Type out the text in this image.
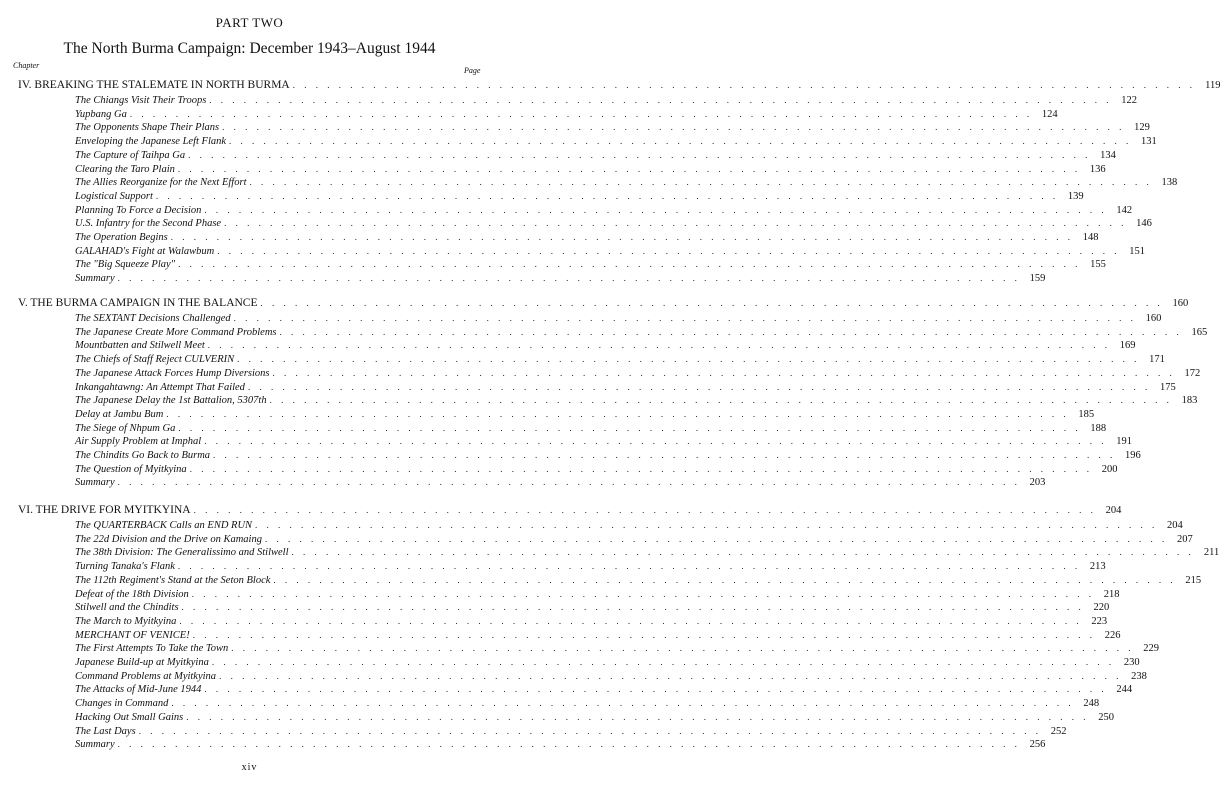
PART TWO
The North Burma Campaign: December 1943–August 1944
Chapter
Page
IV. BREAKING THE STALEMATE IN NORTH BURMA . . . . . . . . . . . . . . . . . . . . . . . . . . . . . . . . . . . . . . . . . . . . . . . . . . . . . . . . . . . . . . . . . . . . . . . . . . . . . . . 119
The Chiangs Visit Their Troops . . . . . . . . . . . . . . . . . . . . . . . . . . . . . . . . . . . . . . . . . . . . . . . . . . . . . . . . . . . . . . . . . . . . . . . . . . . . . . . 122
Yupbang Ga . . . . . . . . . . . . . . . . . . . . . . . . . . . . . . . . . . . . . . . . . . . . . . . . . . . . . . . . . . . . . . . . . . . . . . . . . . . . . . . 124
The Opponents Shape Their Plans . . . . . . . . . . . . . . . . . . . . . . . . . . . . . . . . . . . . . . . . . . . . . . . . . . . . . . . . . . . . . . . . . . . . . . . . . . . . . . . 129
Enveloping the Japanese Left Flank . . . . . . . . . . . . . . . . . . . . . . . . . . . . . . . . . . . . . . . . . . . . . . . . . . . . . . . . . . . . . . . . . . . . . . . . . . . . . . . 131
The Capture of Taihpa Ga . . . . . . . . . . . . . . . . . . . . . . . . . . . . . . . . . . . . . . . . . . . . . . . . . . . . . . . . . . . . . . . . . . . . . . . . . . . . . . . 134
Clearing the Taro Plain . . . . . . . . . . . . . . . . . . . . . . . . . . . . . . . . . . . . . . . . . . . . . . . . . . . . . . . . . . . . . . . . . . . . . . . . . . . . . . . 136
The Allies Reorganize for the Next Effort . . . . . . . . . . . . . . . . . . . . . . . . . . . . . . . . . . . . . . . . . . . . . . . . . . . . . . . . . . . . . . . . . . . . . . . . . . . . . . . 138
Logistical Support . . . . . . . . . . . . . . . . . . . . . . . . . . . . . . . . . . . . . . . . . . . . . . . . . . . . . . . . . . . . . . . . . . . . . . . . . . . . . . . 139
Planning To Force a Decision . . . . . . . . . . . . . . . . . . . . . . . . . . . . . . . . . . . . . . . . . . . . . . . . . . . . . . . . . . . . . . . . . . . . . . . . . . . . . . . 142
U.S. Infantry for the Second Phase . . . . . . . . . . . . . . . . . . . . . . . . . . . . . . . . . . . . . . . . . . . . . . . . . . . . . . . . . . . . . . . . . . . . . . . . . . . . . . . 146
The Operation Begins . . . . . . . . . . . . . . . . . . . . . . . . . . . . . . . . . . . . . . . . . . . . . . . . . . . . . . . . . . . . . . . . . . . . . . . . . . . . . . . 148
GALAHAD's Fight at Walawbum . . . . . . . . . . . . . . . . . . . . . . . . . . . . . . . . . . . . . . . . . . . . . . . . . . . . . . . . . . . . . . . . . . . . . . . . . . . . . . . 151
The "Big Squeeze Play" . . . . . . . . . . . . . . . . . . . . . . . . . . . . . . . . . . . . . . . . . . . . . . . . . . . . . . . . . . . . . . . . . . . . . . . . . . . . . . . 155
Summary . . . . . . . . . . . . . . . . . . . . . . . . . . . . . . . . . . . . . . . . . . . . . . . . . . . . . . . . . . . . . . . . . . . . . . . . . . . . . . . 159
V. THE BURMA CAMPAIGN IN THE BALANCE . . . . . . . . . . . . . . . . . . . . . . . . . . . . . . . . . . . . . . . . . . . . . . . . . . . . . . . . . . . . . . . . . . . . . . . . . . . . . . . 160
The SEXTANT Decisions Challenged . . . . . . . . . . . . . . . . . . . . . . . . . . . . . . . . . . . . . . . . . . . . . . . . . . . . . . . . . . . . . . . . . . . . . . . . . . . . . . . 160
The Japanese Create More Command Problems . . . . . . . . . . . . . . . . . . . . . . . . . . . . . . . . . . . . . . . . . . . . . . . . . . . . . . . . . . . . . . . . . . . . . . . . . . . . . . . 165
Mountbatten and Stilwell Meet . . . . . . . . . . . . . . . . . . . . . . . . . . . . . . . . . . . . . . . . . . . . . . . . . . . . . . . . . . . . . . . . . . . . . . . . . . . . . . . 169
The Chiefs of Staff Reject CULVERIN . . . . . . . . . . . . . . . . . . . . . . . . . . . . . . . . . . . . . . . . . . . . . . . . . . . . . . . . . . . . . . . . . . . . . . . . . . . . . . . 171
The Japanese Attack Forces Hump Diversions . . . . . . . . . . . . . . . . . . . . . . . . . . . . . . . . . . . . . . . . . . . . . . . . . . . . . . . . . . . . . . . . . . . . . . . . . . . . . . . 172
Inkangahtawng: An Attempt That Failed . . . . . . . . . . . . . . . . . . . . . . . . . . . . . . . . . . . . . . . . . . . . . . . . . . . . . . . . . . . . . . . . . . . . . . . . . . . . . . . 175
The Japanese Delay the 1st Battalion, 5307th . . . . . . . . . . . . . . . . . . . . . . . . . . . . . . . . . . . . . . . . . . . . . . . . . . . . . . . . . . . . . . . . . . . . . . . . . . . . . . . 183
Delay at Jambu Bum . . . . . . . . . . . . . . . . . . . . . . . . . . . . . . . . . . . . . . . . . . . . . . . . . . . . . . . . . . . . . . . . . . . . . . . . . . . . . . . 185
The Siege of Nhpum Ga . . . . . . . . . . . . . . . . . . . . . . . . . . . . . . . . . . . . . . . . . . . . . . . . . . . . . . . . . . . . . . . . . . . . . . . . . . . . . . . 188
Air Supply Problem at Imphal . . . . . . . . . . . . . . . . . . . . . . . . . . . . . . . . . . . . . . . . . . . . . . . . . . . . . . . . . . . . . . . . . . . . . . . . . . . . . . . 191
The Chindits Go Back to Burma . . . . . . . . . . . . . . . . . . . . . . . . . . . . . . . . . . . . . . . . . . . . . . . . . . . . . . . . . . . . . . . . . . . . . . . . . . . . . . . 196
The Question of Myitkyina . . . . . . . . . . . . . . . . . . . . . . . . . . . . . . . . . . . . . . . . . . . . . . . . . . . . . . . . . . . . . . . . . . . . . . . . . . . . . . . 200
Summary . . . . . . . . . . . . . . . . . . . . . . . . . . . . . . . . . . . . . . . . . . . . . . . . . . . . . . . . . . . . . . . . . . . . . . . . . . . . . . . 203
VI. THE DRIVE FOR MYITKYINA . . . . . . . . . . . . . . . . . . . . . . . . . . . . . . . . . . . . . . . . . . . . . . . . . . . . . . . . . . . . . . . . . . . . . . . . . . . . . . . 204
The QUARTERBACK Calls an END RUN . . . . . . . . . . . . . . . . . . . . . . . . . . . . . . . . . . . . . . . . . . . . . . . . . . . . . . . . . . . . . . . . . . . . . . . . . . . . . . . 204
The 22d Division and the Drive on Kamaing . . . . . . . . . . . . . . . . . . . . . . . . . . . . . . . . . . . . . . . . . . . . . . . . . . . . . . . . . . . . . . . . . . . . . . . . . . . . . . . 207
The 38th Division: The Generalissimo and Stilwell . . . . . . . . . . . . . . . . . . . . . . . . . . . . . . . . . . . . . . . . . . . . . . . . . . . . . . . . . . . . . . . . . . . . . . . . . . . . . . . 211
Turning Tanaka's Flank . . . . . . . . . . . . . . . . . . . . . . . . . . . . . . . . . . . . . . . . . . . . . . . . . . . . . . . . . . . . . . . . . . . . . . . . . . . . . . . 213
The 112th Regiment's Stand at the Seton Block . . . . . . . . . . . . . . . . . . . . . . . . . . . . . . . . . . . . . . . . . . . . . . . . . . . . . . . . . . . . . . . . . . . . . . . . . . . . . . . 215
Defeat of the 18th Division . . . . . . . . . . . . . . . . . . . . . . . . . . . . . . . . . . . . . . . . . . . . . . . . . . . . . . . . . . . . . . . . . . . . . . . . . . . . . . . 218
Stilwell and the Chindits . . . . . . . . . . . . . . . . . . . . . . . . . . . . . . . . . . . . . . . . . . . . . . . . . . . . . . . . . . . . . . . . . . . . . . . . . . . . . . . 220
The March to Myitkyina . . . . . . . . . . . . . . . . . . . . . . . . . . . . . . . . . . . . . . . . . . . . . . . . . . . . . . . . . . . . . . . . . . . . . . . . . . . . . . . 223
MERCHANT OF VENICE! . . . . . . . . . . . . . . . . . . . . . . . . . . . . . . . . . . . . . . . . . . . . . . . . . . . . . . . . . . . . . . . . . . . . . . . . . . . . . . . 226
The First Attempts To Take the Town . . . . . . . . . . . . . . . . . . . . . . . . . . . . . . . . . . . . . . . . . . . . . . . . . . . . . . . . . . . . . . . . . . . . . . . . . . . . . . . 229
Japanese Build-up at Myitkyina . . . . . . . . . . . . . . . . . . . . . . . . . . . . . . . . . . . . . . . . . . . . . . . . . . . . . . . . . . . . . . . . . . . . . . . . . . . . . . . 230
Command Problems at Myitkyina . . . . . . . . . . . . . . . . . . . . . . . . . . . . . . . . . . . . . . . . . . . . . . . . . . . . . . . . . . . . . . . . . . . . . . . . . . . . . . . 238
The Attacks of Mid-June 1944 . . . . . . . . . . . . . . . . . . . . . . . . . . . . . . . . . . . . . . . . . . . . . . . . . . . . . . . . . . . . . . . . . . . . . . . . . . . . . . . 244
Changes in Command . . . . . . . . . . . . . . . . . . . . . . . . . . . . . . . . . . . . . . . . . . . . . . . . . . . . . . . . . . . . . . . . . . . . . . . . . . . . . . . 248
Hacking Out Small Gains . . . . . . . . . . . . . . . . . . . . . . . . . . . . . . . . . . . . . . . . . . . . . . . . . . . . . . . . . . . . . . . . . . . . . . . . . . . . . . . 250
The Last Days . . . . . . . . . . . . . . . . . . . . . . . . . . . . . . . . . . . . . . . . . . . . . . . . . . . . . . . . . . . . . . . . . . . . . . . . . . . . . . . 252
Summary . . . . . . . . . . . . . . . . . . . . . . . . . . . . . . . . . . . . . . . . . . . . . . . . . . . . . . . . . . . . . . . . . . . . . . . . . . . . . . . 256
xiv
